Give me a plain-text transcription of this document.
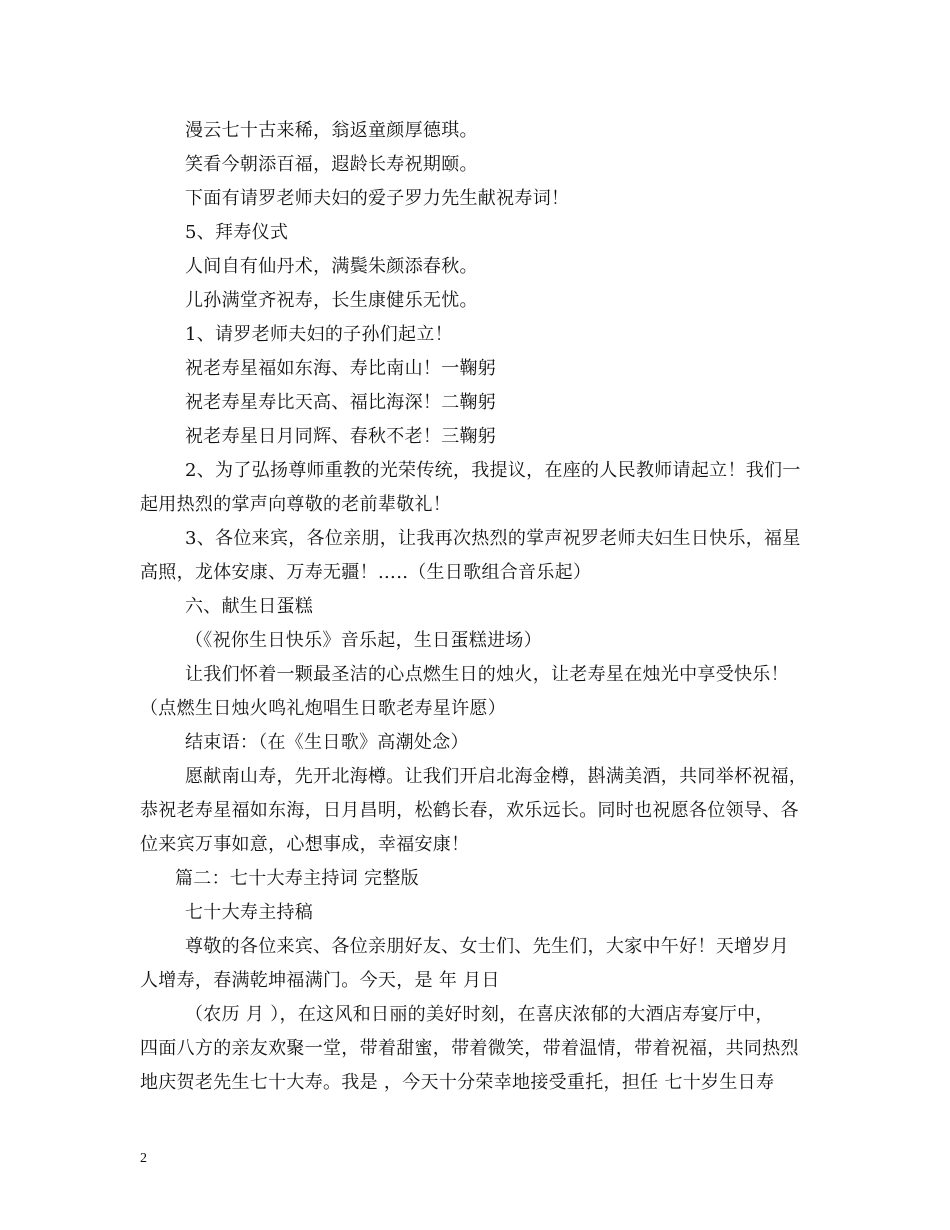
漫云七十古来稀，翁返童颜厚德琪。
笑看今朝添百福，遐龄长寿祝期颐。
下面有请罗老师夫妇的爱子罗力先生献祝寿词！
5、拜寿仪式
人间自有仙丹术，满鬓朱颜添春秋。
儿孙满堂齐祝寿，长生康健乐无忧。
1、请罗老师夫妇的子孙们起立！
祝老寿星福如东海、寿比南山！一鞠躬
祝老寿星寿比天高、福比海深！二鞠躬
祝老寿星日月同辉、春秋不老！三鞠躬
2、为了弘扬尊师重教的光荣传统，我提议，在座的人民教师请起立！我们一
起用热烈的掌声向尊敬的老前辈敬礼！
3、各位来宾，各位亲朋，让我再次热烈的掌声祝罗老师夫妇生日快乐，福星
高照，龙体安康、万寿无疆！…..（生日歌组合音乐起）
六、献生日蛋糕
（《祝你生日快乐》音乐起，生日蛋糕进场）
让我们怀着一颗最圣洁的心点燃生日的烛火，让老寿星在烛光中享受快乐！
（点燃生日烛火鸣礼炮唱生日歌老寿星许愿）
结束语：（在《生日歌》高潮处念）
愿献南山寿，先开北海樽。让我们开启北海金樽，斟满美酒，共同举杯祝福，
恭祝老寿星福如东海，日月昌明，松鹤长春，欢乐远长。同时也祝愿各位领导、各
位来宾万事如意，心想事成，幸福安康！
篇二：七十大寿主持词 完整版
七十大寿主持稿
尊敬的各位来宾、各位亲朋好友、女士们、先生们，大家中午好！天增岁月
人增寿，春满乾坤福满门。今天，是 年 月日
（农历 月 ），在这风和日丽的美好时刻，在喜庆浓郁的大酒店寿宴厅中，
四面八方的亲友欢聚一堂，带着甜蜜，带着微笑，带着温情，带着祝福，共同热烈
地庆贺老先生七十大寿。我是 ，今天十分荣幸地接受重托，担任 七十岁生日寿
2
